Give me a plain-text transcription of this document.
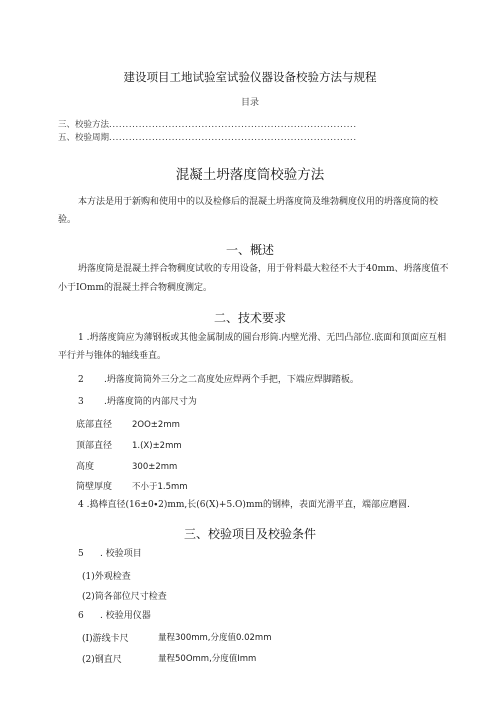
建设项目工地试验室试验仪器设备校验方法与规程
目录
三、校验方法...........................................................................
五、校验周期...........................................................................
混凝土坍落度筒校验方法
本方法是用于新购和使用中的以及检修后的混凝土坍落度筒及维勃稠度仪用的坍落度筒的校
验。
一、概述
坍落度筒是混凝土拌合物稠度试收的专用设备，用于骨料最大粒径不大于40mm、坍落度值不
小于IOmm的混凝土拌合物稠度测定。
二、技术要求
1 .坍落度筒应为薄钢板或其他金属制成的圆台形筒.内壁光滑、无凹凸部位.底面和顶面应互相
平行并与锥体的轴线垂直。
2 .坍落度筒筒外三分之二高度处应焊两个手把，下端应焊脚踏板。
3 .坍落度筒的内部尺寸为
底部直径 2OO±2mm
顶部直径 1.(X)±2mm
高度	300±2mm
筒壁厚度 不小于1.5mm
4 .捣棒直径(16±0∙2)mm,长(6(X)+5.O)mm的钢棒，表面光滑平直，端部应磨圆.
三、校验项目及校验条件
5 . 校验项目
(1)外观检查
(2)筒各部位尺寸检查
6 . 校验用仪器
(I)游线卡尺	量程300mm,分度值0.02mm
(2)钢直尺	量程50Omm,分度值Imm
